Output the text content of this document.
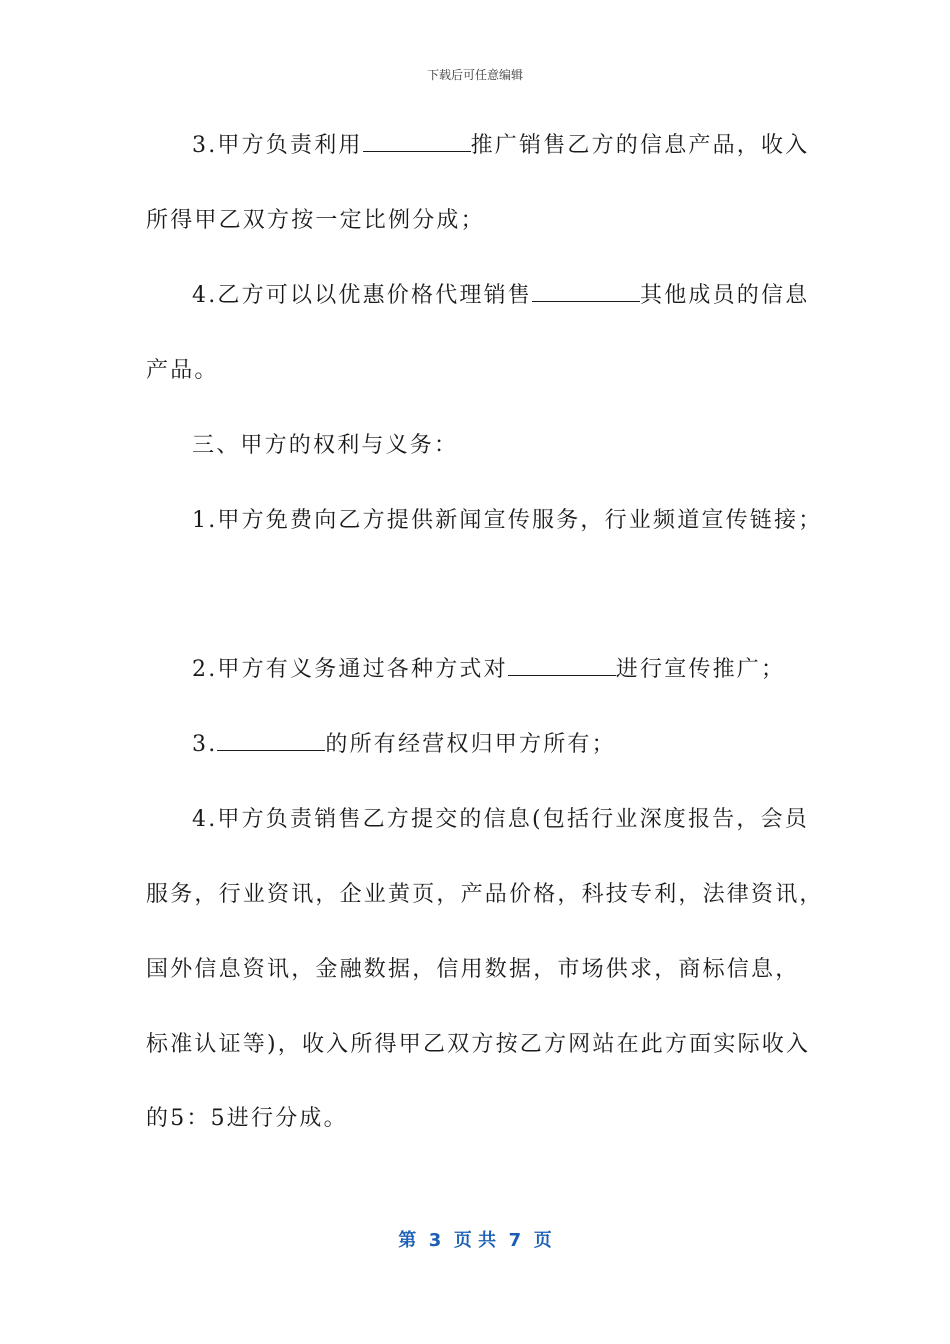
下载后可任意编辑
3.甲方负责利用	推广销售乙方的信息产品，收入
所得甲乙双方按一定比例分成；
4.乙方可以以优惠价格代理销售	其他成员的信息
产品。
三、甲方的权利与义务：
1.甲方免费向乙方提供新闻宣传服务，行业频道宣传链接；
2.甲方有义务通过各种方式对	进行宣传推广；
3.	的所有经营权归甲方所有；
4.甲方负责销售乙方提交的信息(包括行业深度报告，会员
服务，行业资讯，企业黄页，产品价格，科技专利，法律资讯，
国外信息资讯，金融数据，信用数据，市场供求，商标信息，
标准认证等)，收入所得甲乙双方按乙方网站在此方面实际收入
的5：5进行分成。
第  3  页 共  7  页
